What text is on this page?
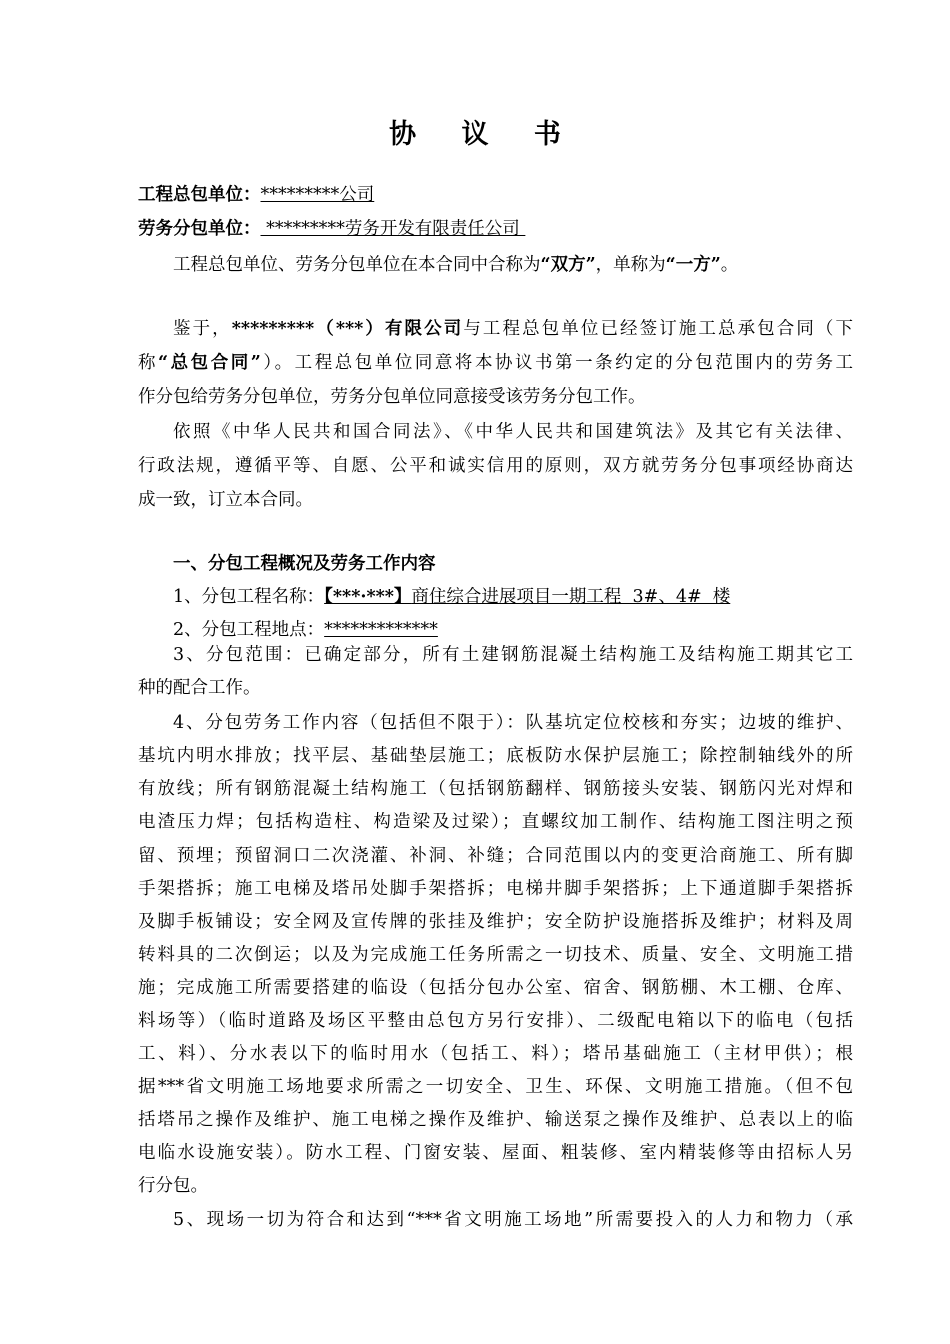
协 议 书
工程总包单位：*********公司
劳务分包单位： *********劳务开发有限责任公司
工程总包单位、劳务分包单位在本合同中合称为“双方”，单称为“一方”。
鉴于，*********（***）有限公司与工程总包单位已经签订施工总承包合同（下
称“总包合同”）。工程总包单位同意将本协议书第一条约定的分包范围内的劳务工
作分包给劳务分包单位，劳务分包单位同意接受该劳务分包工作。
依照《中华人民共和国合同法》、《中华人民共和国建筑法》及其它有关法律、
行政法规，遵循平等、自愿、公平和诚实信用的原则，双方就劳务分包事项经协商达
成一致，订立本合同。
一、分包工程概况及劳务工作内容
1、分包工程名称：【***·***】商住综合进展项目一期工程  3#、4#  楼
2、分包工程地点：*************
3、分包范围：已确定部分，所有土建钢筋混凝土结构施工及结构施工期其它工
种的配合工作。
4、分包劳务工作内容（包括但不限于）：队基坑定位校核和夯实；边坡的维护、
基坑内明水排放；找平层、基础垫层施工；底板防水保护层施工；除控制轴线外的所
有放线；所有钢筋混凝土结构施工（包括钢筋翻样、钢筋接头安装、钢筋闪光对焊和
电渣压力焊；包括构造柱、构造梁及过梁）；直螺纹加工制作、结构施工图注明之预
留、预埋；预留洞口二次浇灌、补洞、补缝；合同范围以内的变更洽商施工、所有脚
手架搭拆；施工电梯及塔吊处脚手架搭拆；电梯井脚手架搭拆；上下通道脚手架搭拆
及脚手板铺设；安全网及宣传牌的张挂及维护；安全防护设施搭拆及维护；材料及周
转料具的二次倒运；以及为完成施工任务所需之一切技术、质量、安全、文明施工措
施；完成施工所需要搭建的临设（包括分包办公室、宿舍、钢筋棚、木工棚、仓库、
料场等）（临时道路及场区平整由总包方另行安排）、二级配电箱以下的临电（包括
工、料）、分水表以下的临时用水（包括工、料）；塔吊基础施工（主材甲供）；根
据***省文明施工场地要求所需之一切安全、卫生、环保、文明施工措施。（但不包
括塔吊之操作及维护、施工电梯之操作及维护、输送泵之操作及维护、总表以上的临
电临水设施安装）。防水工程、门窗安装、屋面、粗装修、室内精装修等由招标人另
行分包。
5、现场一切为符合和达到“***省文明施工场地”所需要投入的人力和物力（承
